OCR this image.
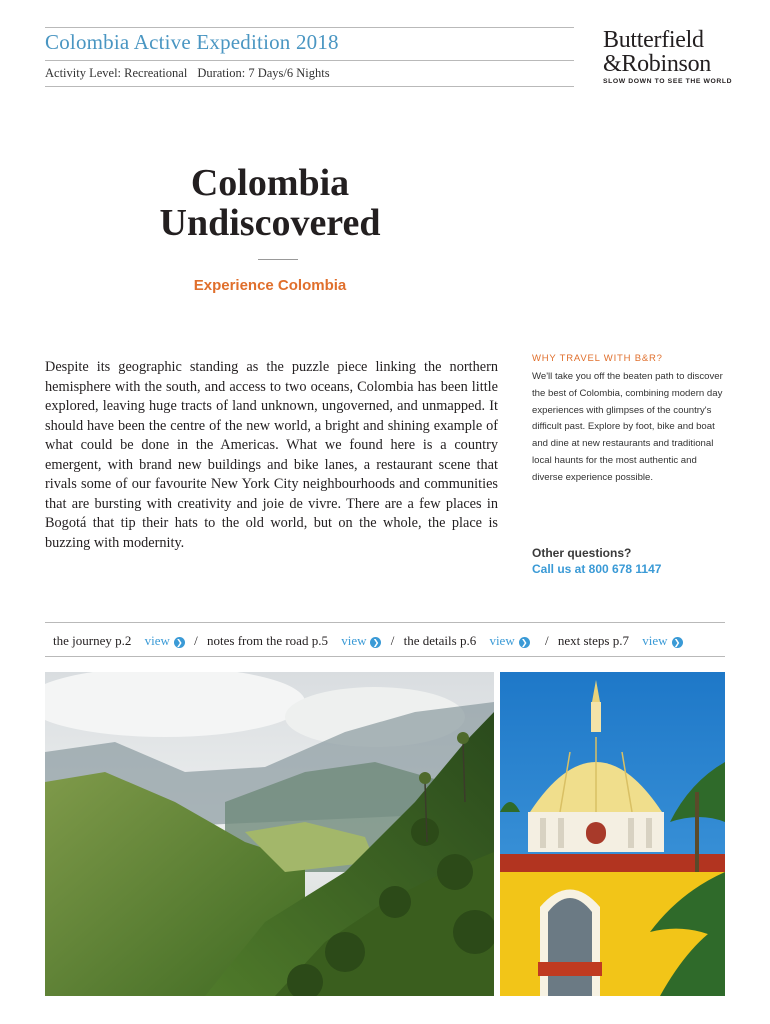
Colombia Active Expedition 2018
Activity Level: Recreational Duration: 7 Days/6 Nights
Butterfield
&Robinson
SLOW DOWN TO SEE THE WORLD
Colombia
Undiscovered
Experience Colombia
Despite its geographic standing as the puzzle piece linking the northern hemisphere with the south, and access to two oceans, Colombia has been little explored, leaving huge tracts of land unknown, ungoverned, and unmapped. It should have been the centre of the new world, a bright and shining example of what could be done in the Americas. What we found here is a country emergent, with brand new buildings and bike lanes, a restaurant scene that rivals some of our favourite New York City neighbourhoods and communities that are bursting with creativity and joie de vivre. There are a few places in Bogotá that tip their hats to the old world, but on the whole, the place is buzzing with modernity.
WHY TRAVEL WITH B&R?
We'll take you off the beaten path to discover the best of Colombia, combining modern day experiences with glimpses of the country's difficult past. Explore by foot, bike and boat and dine at new restaurants and traditional local haunts for the most authentic and diverse experience possible.
Other questions?
Call us at 800 678 1147
the journey p.2 view ❯ / notes from the road p.5 view ❯ / the details p.6 view ❯ / next steps p.7 view ❯
